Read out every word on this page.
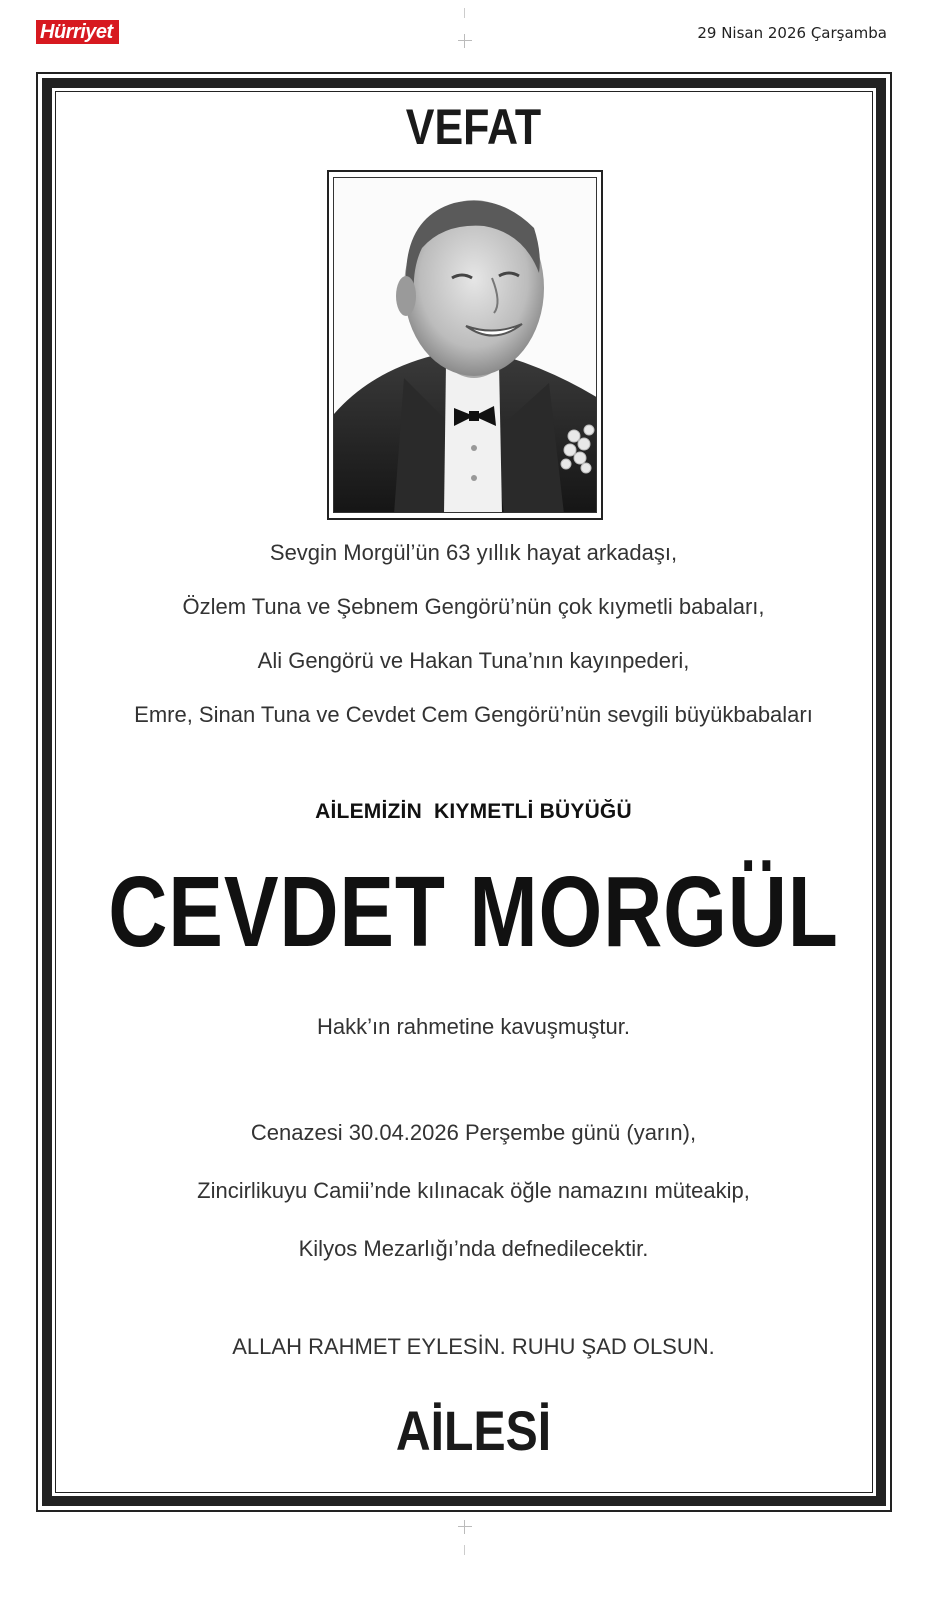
Hürriyet	29 Nisan 2026 Çarşamba
VEFAT
Sevgin Morgül’ün 63 yıllık hayat arkadaşı,
Özlem Tuna ve Şebnem Gengörü’nün çok kıymetli babaları,
Ali Gengörü ve Hakan Tuna’nın kayınpederi,
Emre, Sinan Tuna ve Cevdet Cem Gengörü’nün sevgili büyükbabaları
AİLEMİZİN  KIYMETLİ BÜYÜĞÜ
CEVDET MORGÜL
Hakk’ın rahmetine kavuşmuştur.
Cenazesi 30.04.2026 Perşembe günü (yarın),
Zincirlikuyu Camii’nde kılınacak öğle namazını müteakip,
Kilyos Mezarlığı’nda defnedilecektir.
ALLAH RAHMET EYLESİN. RUHU ŞAD OLSUN.
AİLESİ
